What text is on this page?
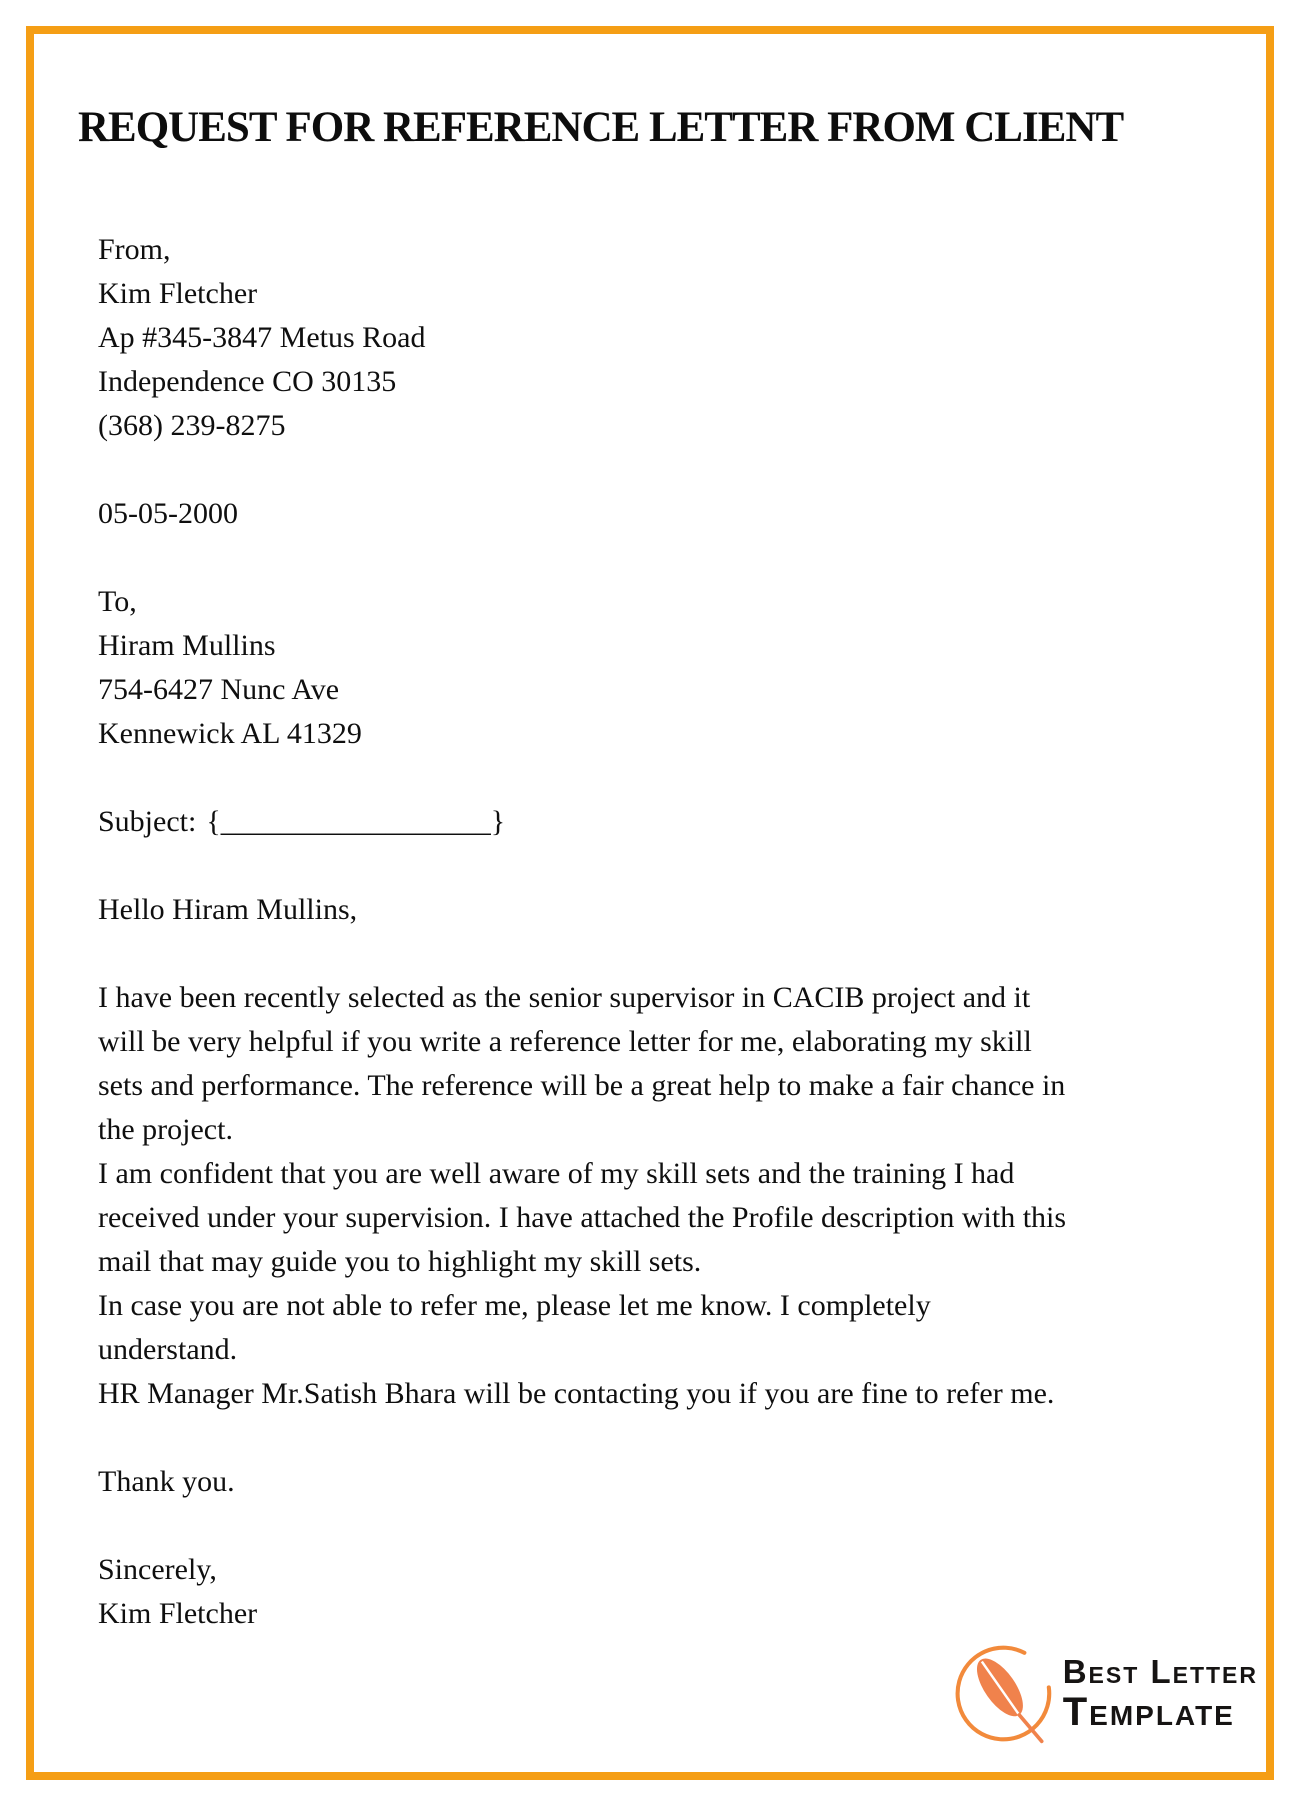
REQUEST FOR REFERENCE LETTER FROM CLIENT
From,
Kim Fletcher
Ap #345-3847 Metus Road
Independence CO 30135
(368) 239-8275
05-05-2000
To,
Hiram Mullins
754-6427 Nunc Ave
Kennewick AL 41329
Subject: {__________________}
Hello Hiram Mullins,

I have been recently selected as the senior supervisor in CACIB project and it will be very helpful if you write a reference letter for me, elaborating my skill sets and performance. The reference will be a great help to make a fair chance in the project.

I am confident that you are well aware of my skill sets and the training I had received under your supervision. I have attached the Profile description with this mail that may guide you to highlight my skill sets.

In case you are not able to refer me, please let me know. I completely understand.

HR Manager Mr.Satish Bhara will be contacting you if you are fine to refer me.

Thank you.
Sincerely,
Kim Fletcher
Best Letter
Template
